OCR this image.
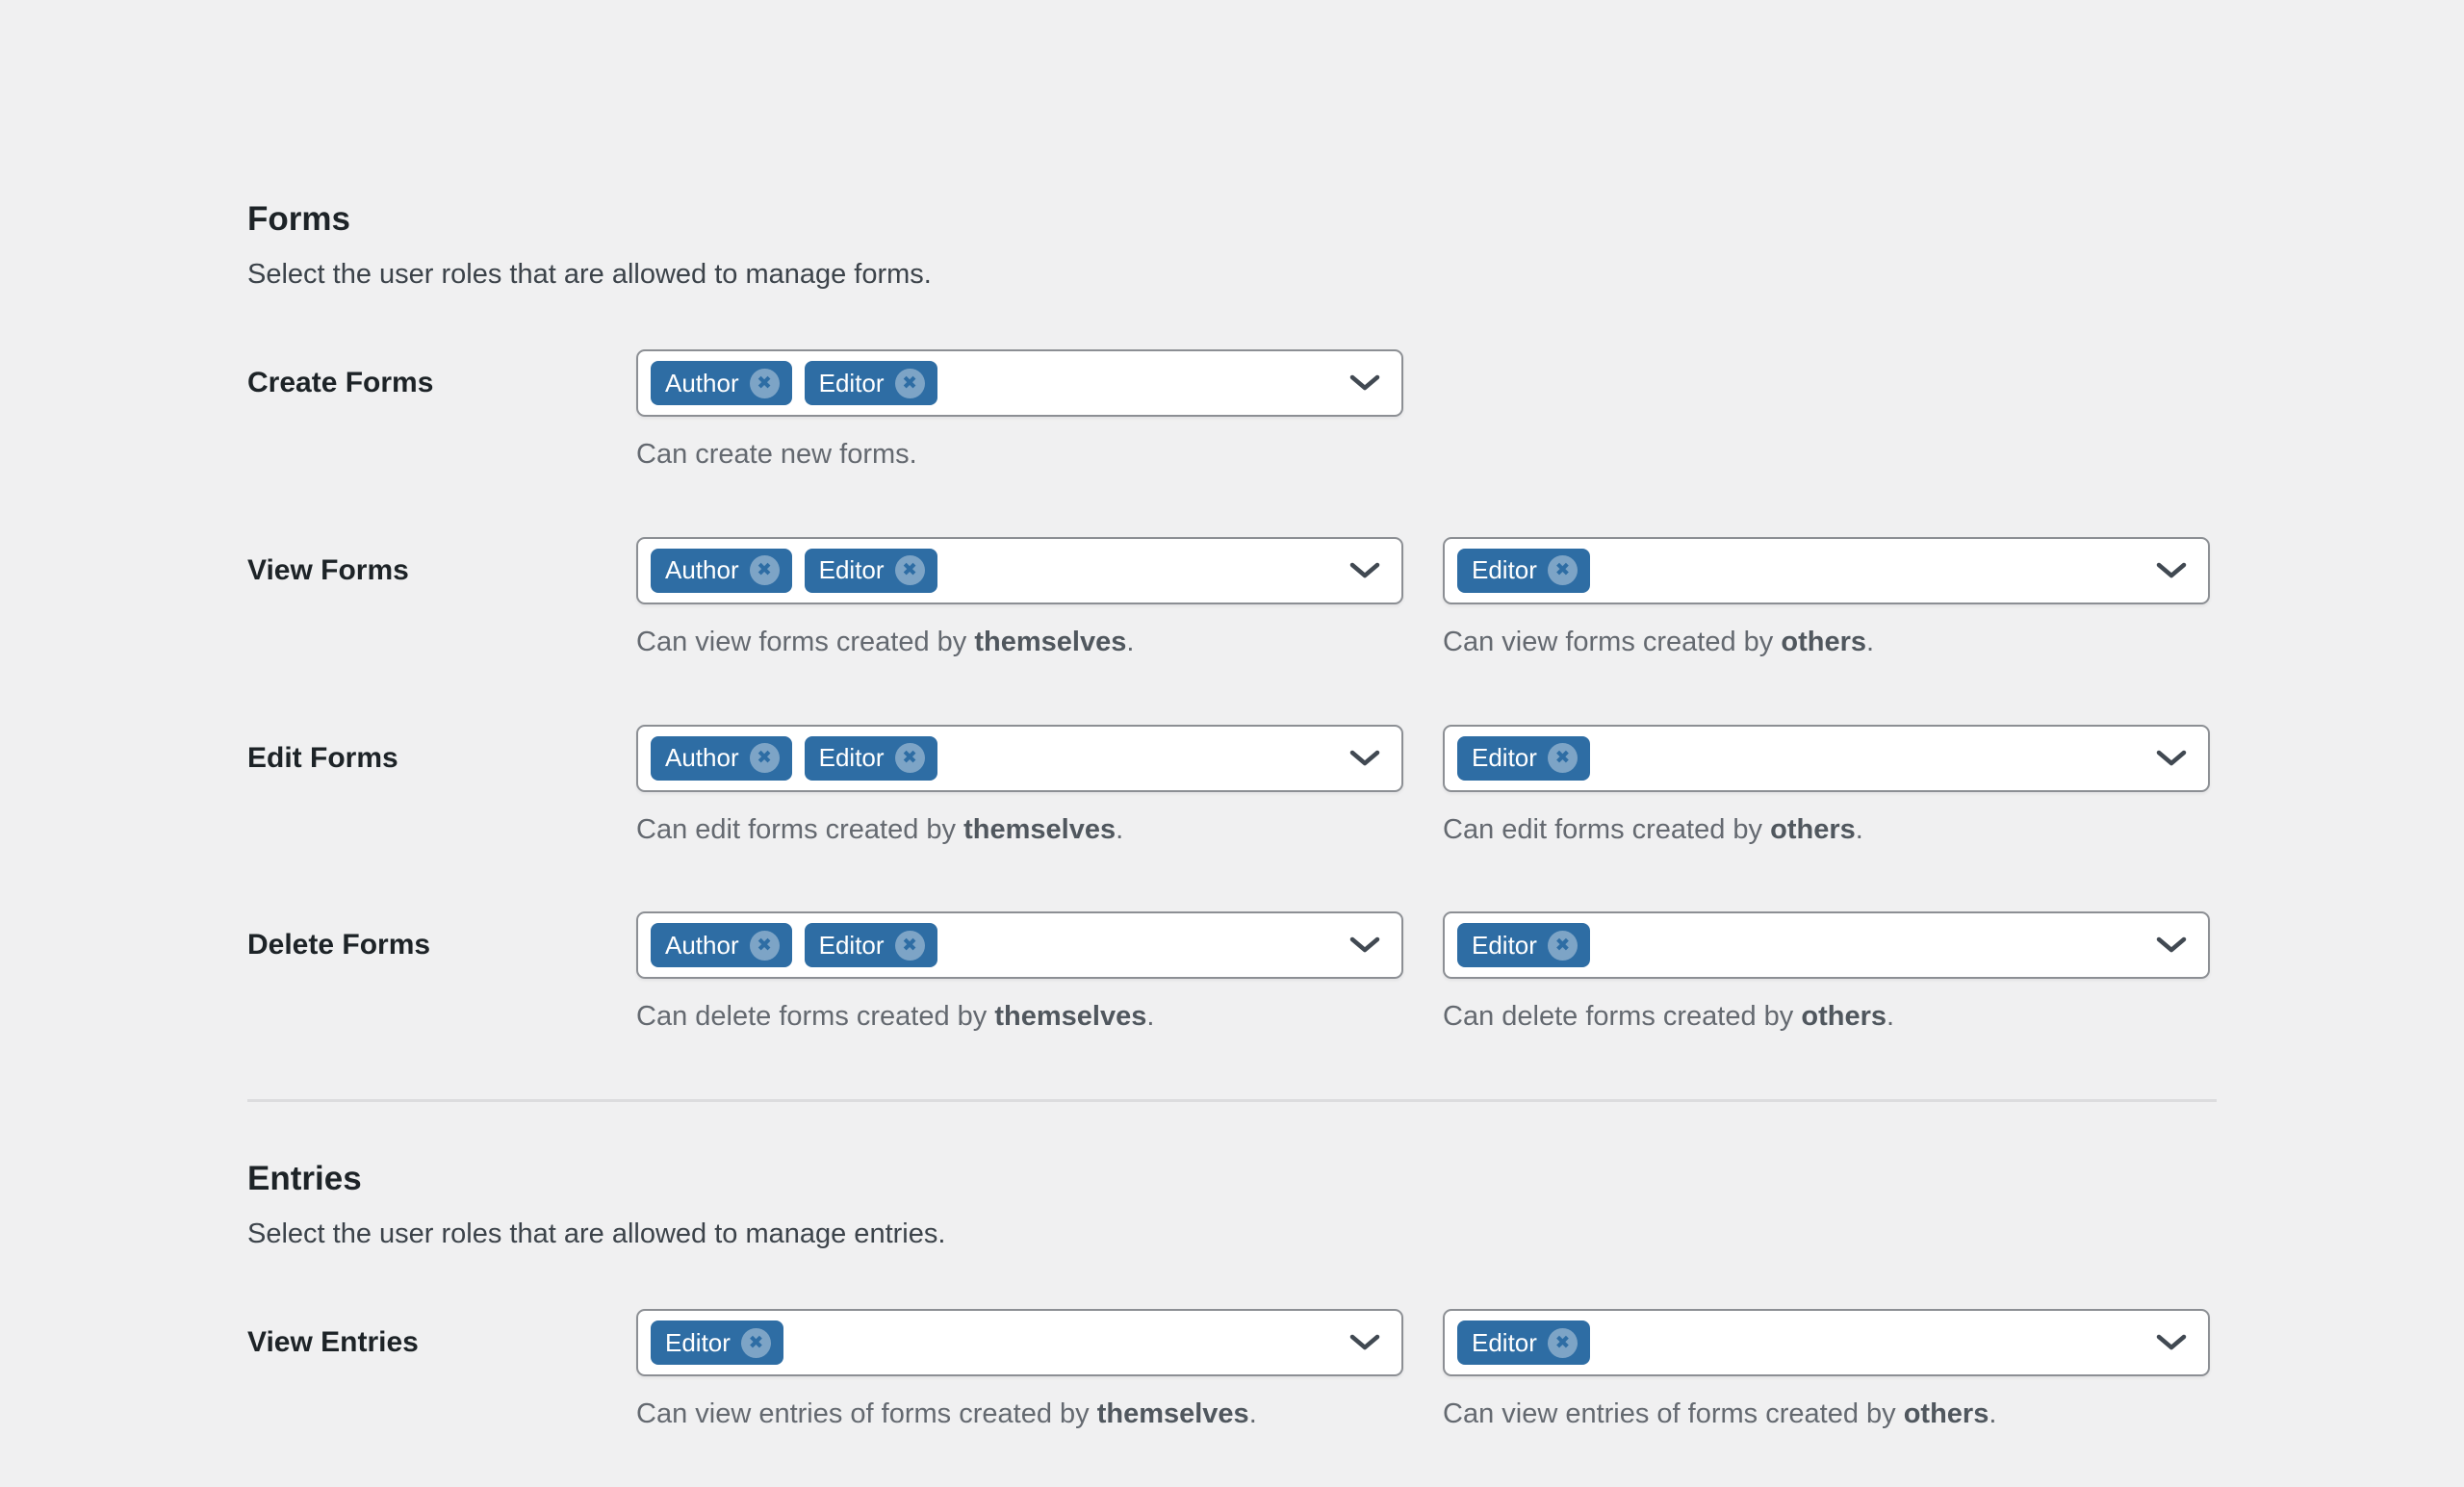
Forms

Select the user roles that are allowed to manage forms.

Create Forms	Author ✖ Editor ✖

Can create new forms.

View Forms	Author ✖ Editor ✖

Can view forms created by themselves.

Editor ✖

Can view forms created by others.

Edit Forms	Author ✖ Editor ✖

Can edit forms created by themselves.

Editor ✖

Can edit forms created by others.

Delete Forms	Author ✖ Editor ✖

Can delete forms created by themselves.

Editor ✖

Can delete forms created by others.

Entries

Select the user roles that are allowed to manage entries.

View Entries	Editor ✖

Can view entries of forms created by themselves.

Editor ✖

Can view entries of forms created by others.
